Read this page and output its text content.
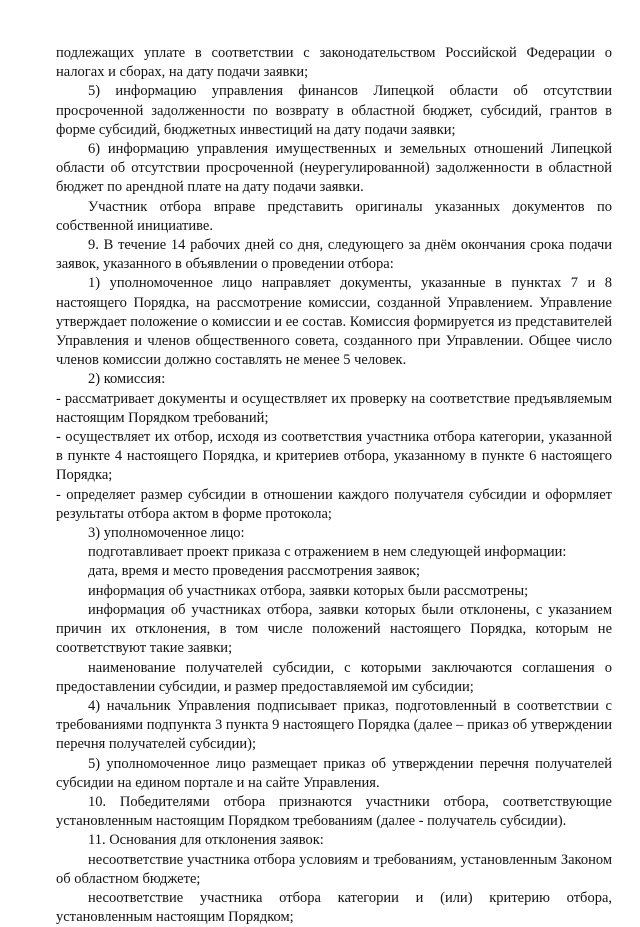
подлежащих уплате в соответствии с законодательством Российской Федерации о налогах и сборах, на дату подачи заявки;

5) информацию управления финансов Липецкой области об отсутствии просроченной задолженности по возврату в областной бюджет, субсидий, грантов в форме субсидий, бюджетных инвестиций на дату подачи заявки;

6) информацию управления имущественных и земельных отношений Липецкой области об отсутствии просроченной (неурегулированной) задолженности в областной бюджет по арендной плате на дату подачи заявки.

Участник отбора вправе представить оригиналы указанных документов по собственной инициативе.

9. В течение 14 рабочих дней со дня, следующего за днём окончания срока подачи заявок, указанного в объявлении о проведении отбора:

1) уполномоченное лицо направляет документы, указанные в пунктах 7 и 8 настоящего Порядка, на рассмотрение комиссии, созданной Управлением. Управление утверждает положение о комиссии и ее состав. Комиссия формируется из представителей Управления и членов общественного совета, созданного при Управлении. Общее число членов комиссии должно составлять не менее 5 человек.

2) комиссия:

- рассматривает документы и осуществляет их проверку на соответствие предъявляемым настоящим Порядком требований;

- осуществляет их отбор, исходя из соответствия участника отбора категории, указанной в пункте 4 настоящего Порядка, и критериев отбора, указанному в пункте 6 настоящего Порядка;

- определяет размер субсидии в отношении каждого получателя субсидии и оформляет результаты отбора актом в форме протокола;

3) уполномоченное лицо:

подготавливает проект приказа с отражением в нем следующей информации:

дата, время и место проведения рассмотрения заявок;

информация об участниках отбора, заявки которых были рассмотрены;

информация об участниках отбора, заявки которых были отклонены, с указанием причин их отклонения, в том числе положений настоящего Порядка, которым не соответствуют такие заявки;

наименование получателей субсидии, с которыми заключаются соглашения о предоставлении субсидии, и размер предоставляемой им субсидии;

4) начальник Управления подписывает приказ, подготовленный в соответствии с требованиями подпункта 3 пункта 9 настоящего Порядка (далее – приказ об утверждении перечня получателей субсидии);

5) уполномоченное лицо размещает приказ об утверждении перечня получателей субсидии на едином портале и на сайте Управления.

10. Победителями отбора признаются участники отбора, соответствующие установленным настоящим Порядком требованиям (далее - получатель субсидии).

11. Основания для отклонения заявок:

несоответствие участника отбора условиям и требованиям, установленным Законом об областном бюджете;

несоответствие участника отбора категории и (или) критерию отбора, установленным настоящим Порядком;
